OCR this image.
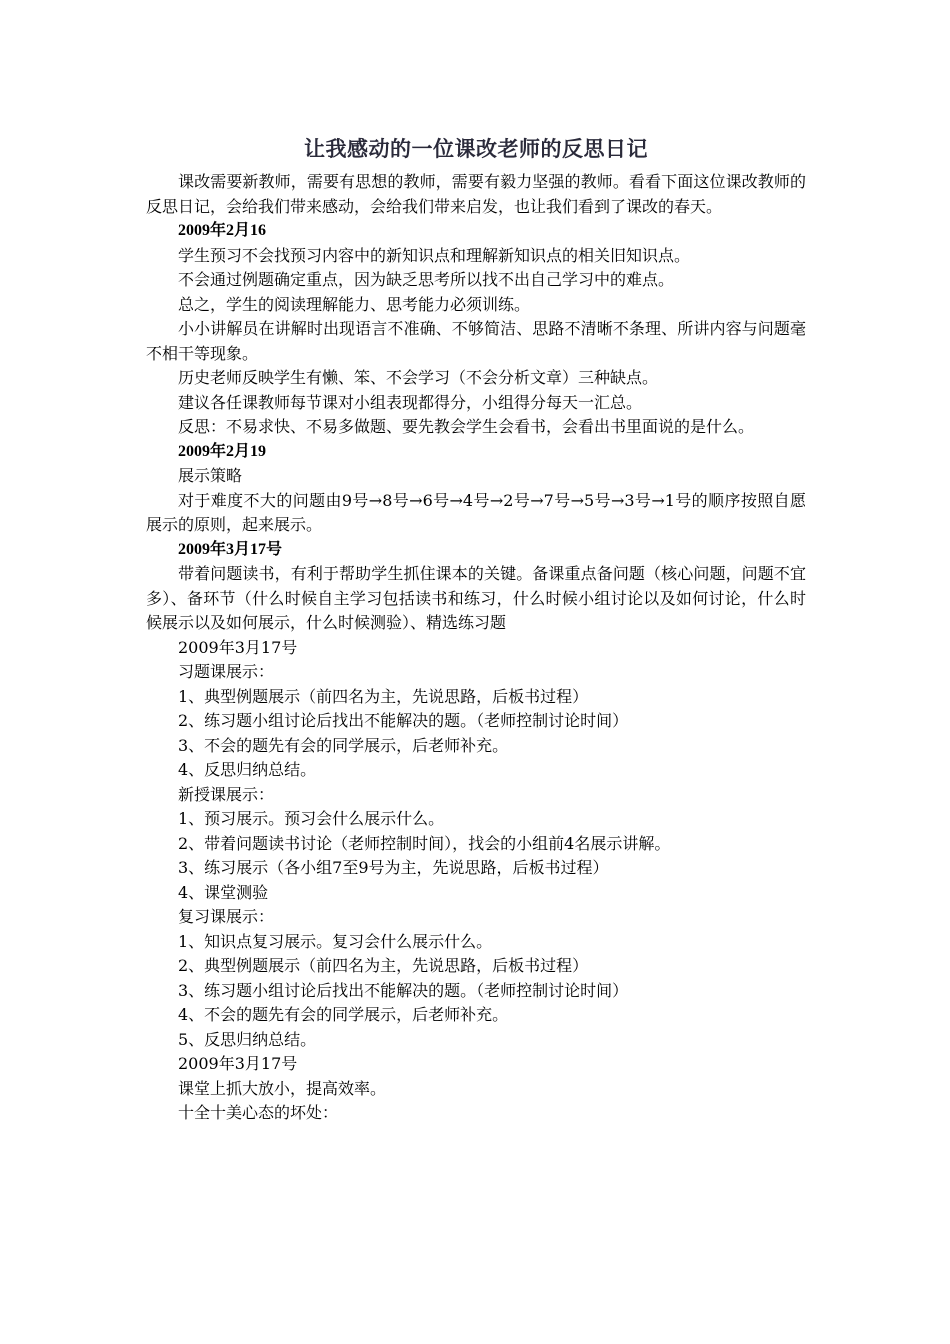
让我感动的一位课改老师的反思日记

课改需要新教师，需要有思想的教师，需要有毅力坚强的教师。看看下面这位课改教师的反思日记，会给我们带来感动，会给我们带来启发，也让我们看到了课改的春天。

2009年2月16

学生预习不会找预习内容中的新知识点和理解新知识点的相关旧知识点。

不会通过例题确定重点，因为缺乏思考所以找不出自己学习中的难点。

总之，学生的阅读理解能力、思考能力必须训练。

小小讲解员在讲解时出现语言不准确、不够简洁、思路不清晰不条理、所讲内容与问题毫不相干等现象。

历史老师反映学生有懒、笨、不会学习（不会分析文章）三种缺点。

建议各任课教师每节课对小组表现都得分，小组得分每天一汇总。

反思：不易求快、不易多做题、要先教会学生会看书，会看出书里面说的是什么。

2009年2月19

展示策略

对于难度不大的问题由9号→8号→6号→4号→2号→7号→5号→3号→1号的顺序按照自愿展示的原则，起来展示。

2009年3月17号

带着问题读书，有利于帮助学生抓住课本的关键。备课重点备问题（核心问题，问题不宜多）、备环节（什么时候自主学习包括读书和练习，什么时候小组讨论以及如何讨论，什么时候展示以及如何展示，什么时候测验）、精选练习题

2009年3月17号

习题课展示：

1、典型例题展示（前四名为主，先说思路，后板书过程）

2、练习题小组讨论后找出不能解决的题。（老师控制讨论时间）

3、不会的题先有会的同学展示，后老师补充。

4、反思归纳总结。

新授课展示：

1、预习展示。预习会什么展示什么。

2、带着问题读书讨论（老师控制时间），找会的小组前4名展示讲解。

3、练习展示（各小组7至9号为主，先说思路，后板书过程）

4、课堂测验

复习课展示：

1、知识点复习展示。复习会什么展示什么。

2、典型例题展示（前四名为主，先说思路，后板书过程）

3、练习题小组讨论后找出不能解决的题。（老师控制讨论时间）

4、不会的题先有会的同学展示，后老师补充。

5、反思归纳总结。

2009年3月17号

课堂上抓大放小，提高效率。

十全十美心态的坏处：
